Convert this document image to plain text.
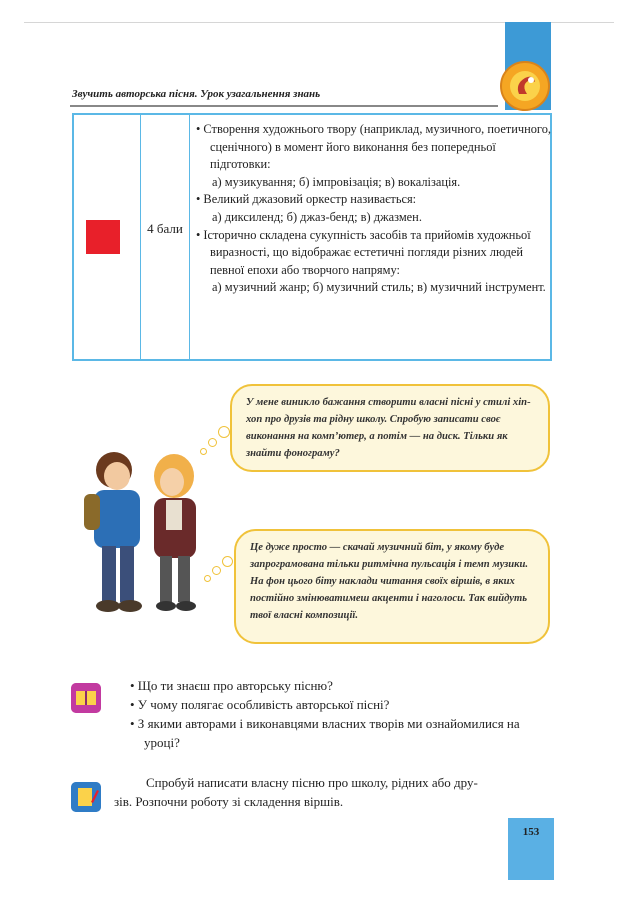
Звучить авторська пісня. Урок узагальнення знань
4 бали

• Створення художнього твору (наприклад, музичного, поетичного, сценічного) в момент його виконання без попередньої підготовки:

а) музикування; б) імпровізація; в) вокалізація.

• Великий джазовий оркестр називається:

а) диксиленд; б) джаз-бенд; в) джазмен.

• Історично складена сукупність засобів та прийомів художньої виразності, що відображає естетичні погляди різних людей певної епохи або творчого напряму:

а) музичний жанр; б) музичний стиль; в) музичний інструмент.

У мене виникло бажання створити власні пісні у стилі хіп-хоп про друзів та рідну школу. Спробую записати своє виконання на комп’ютер, а потім — на диск. Тільки як знайти фонограму?
Це дуже просто — скачай музичний біт, у якому буде запрограмована тільки ритмічна пульсація і темп музики. На фон цього біту наклади читання своїх віршів, в яких постійно змінюватимеш акценти і наголоси. Так вийдуть твої власні композиції.

• Що ти знаєш про авторську пісню?

• У чому полягає особливість авторської пісні?

• З якими авторами і виконавцями власних творів ми ознайомилися на уроці?

Спробуй написати власну пісню про школу, рідних або дру-
зів. Розпочни роботу зі складення віршів.
153
